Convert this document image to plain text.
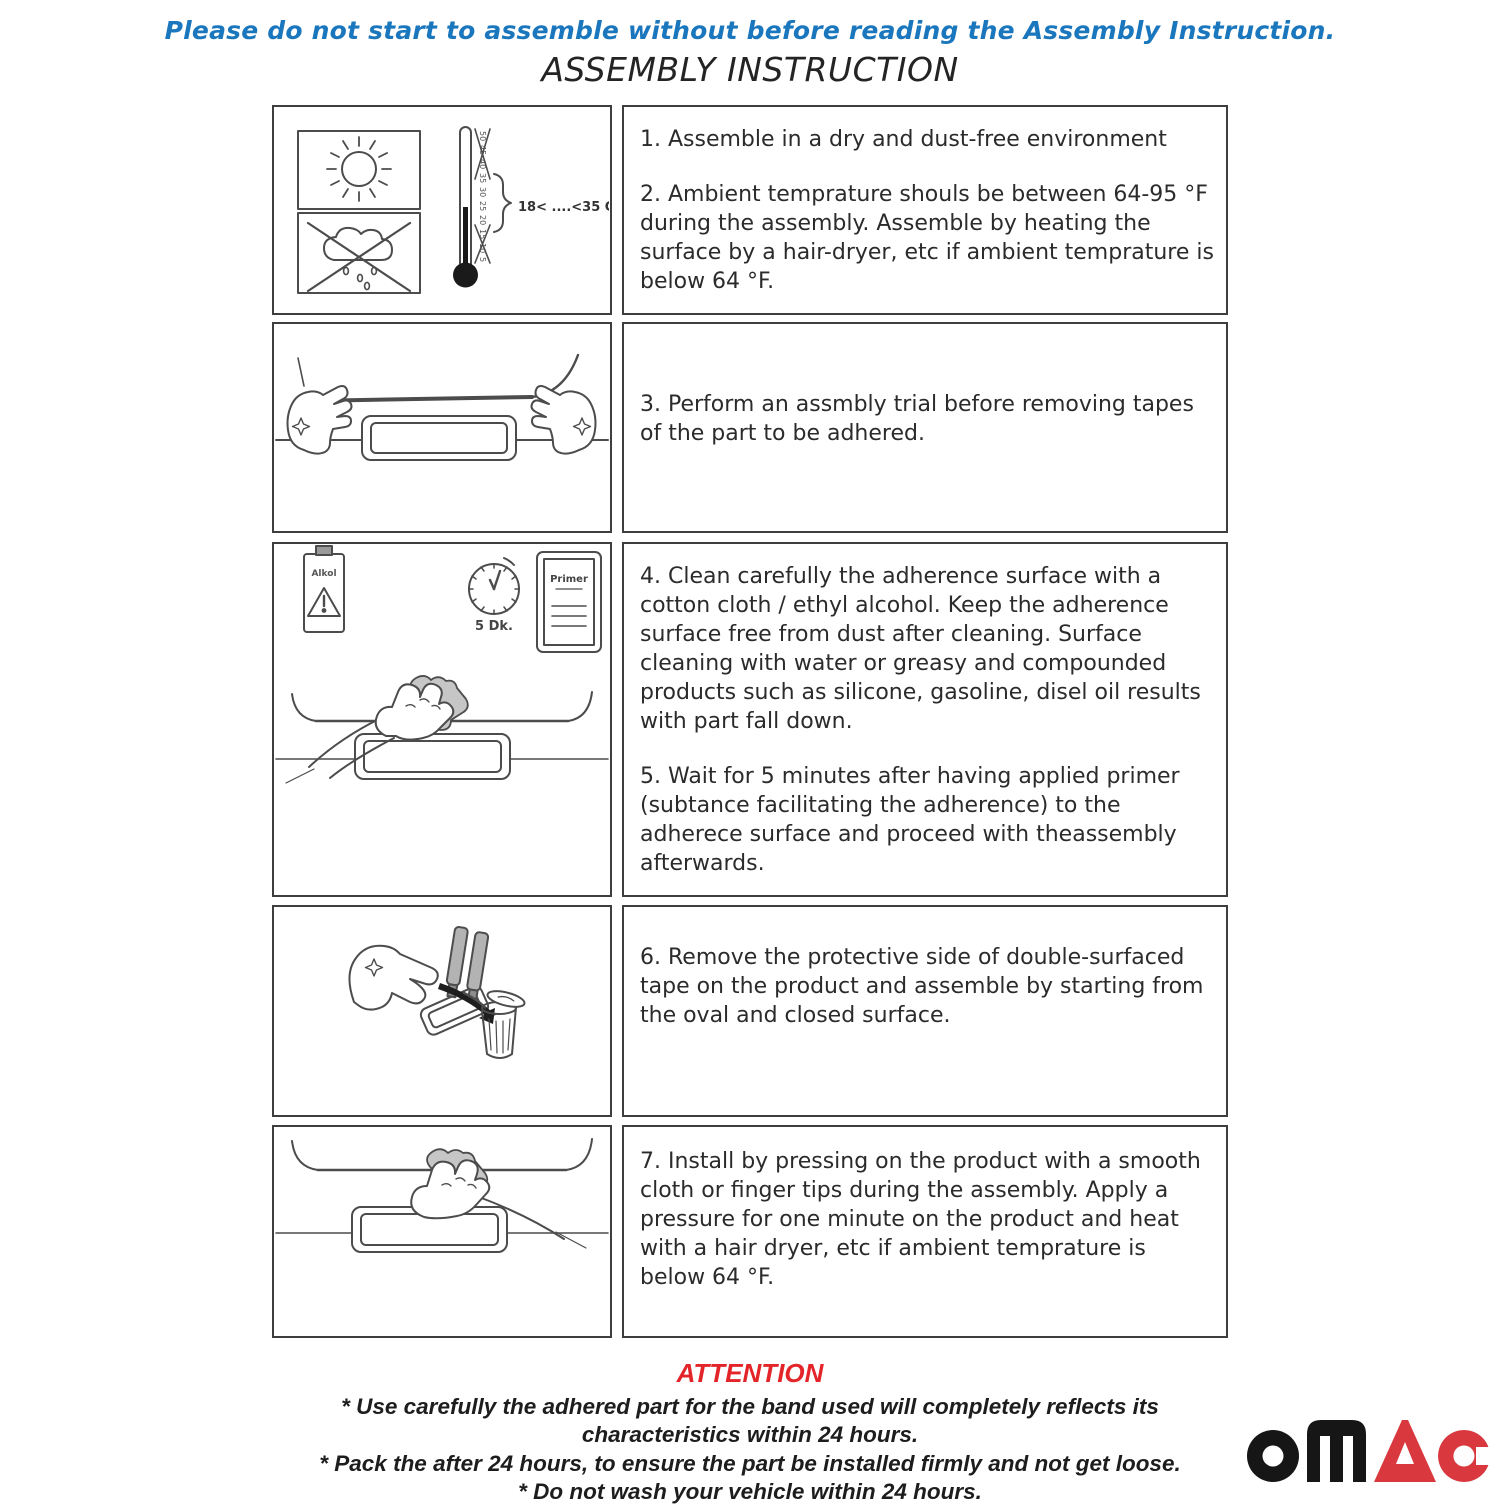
Please do not start to assemble without before reading the Assembly Instruction.
ASSEMBLY INSTRUCTION
50
45
40
35
30
25
20
15
10
5
18< ....<35 C

1. Assemble in a dry and dust-free environment

2. Ambient temprature shouls be between 64-95 °F during the assembly. Assemble by heating the surface by a hair-dryer, etc if ambient temprature is below 64 °F.

3. Perform an assmbly trial before removing tapes of the part to be adhered.

Alkol
5 Dk.
Primer 4. Clean carefully the adherence surface with a cotton cloth / ethyl alcohol. Keep the adherence surface free from dust after cleaning. Surface cleaning with water or greasy and compounded products such as silicone, gasoline, disel oil results with part fall down.

5. Wait for 5 minutes after having applied primer (subtance facilitating the adherence) to the adherece surface and proceed with theassembly afterwards.

6. Remove the protective side of double-surfaced tape on the product and assemble by starting from the oval and closed surface.

7. Install by pressing on the product with a smooth cloth or finger tips during the assembly. Apply a pressure for one minute on the product and heat with a hair dryer, etc if ambient temprature is below 64 °F.

ATTENTION
* Use carefully the adhered part for the band used will completely reflects its characteristics within 24 hours.
* Pack the after 24 hours, to ensure the part be installed firmly and not get loose.
* Do not wash your vehicle within 24 hours.
